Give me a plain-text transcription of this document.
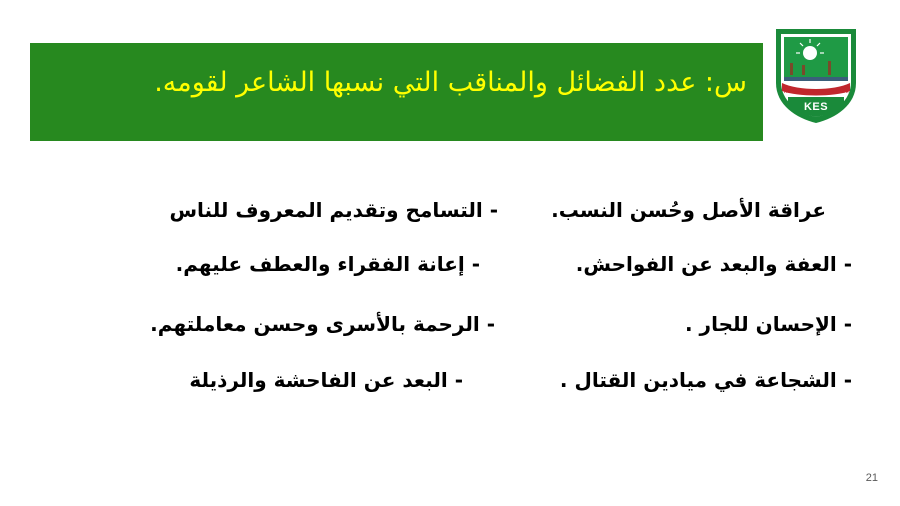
س: عدد الفضائل والمناقب التي نسبها الشاعر لقومه.	THE AIM MAKES GREAT THE LIFE
KES
عراقة الأصل وحُسن النسب.
- العفة والبعد عن الفواحش.
- الإحسان للجار .
- الشجاعة في ميادين القتال .
- التسامح وتقديم المعروف للناس
- إعانة الفقراء والعطف عليهم.
- الرحمة بالأسرى وحسن معاملتهم.
- البعد عن الفاحشة والرذيلة
21
